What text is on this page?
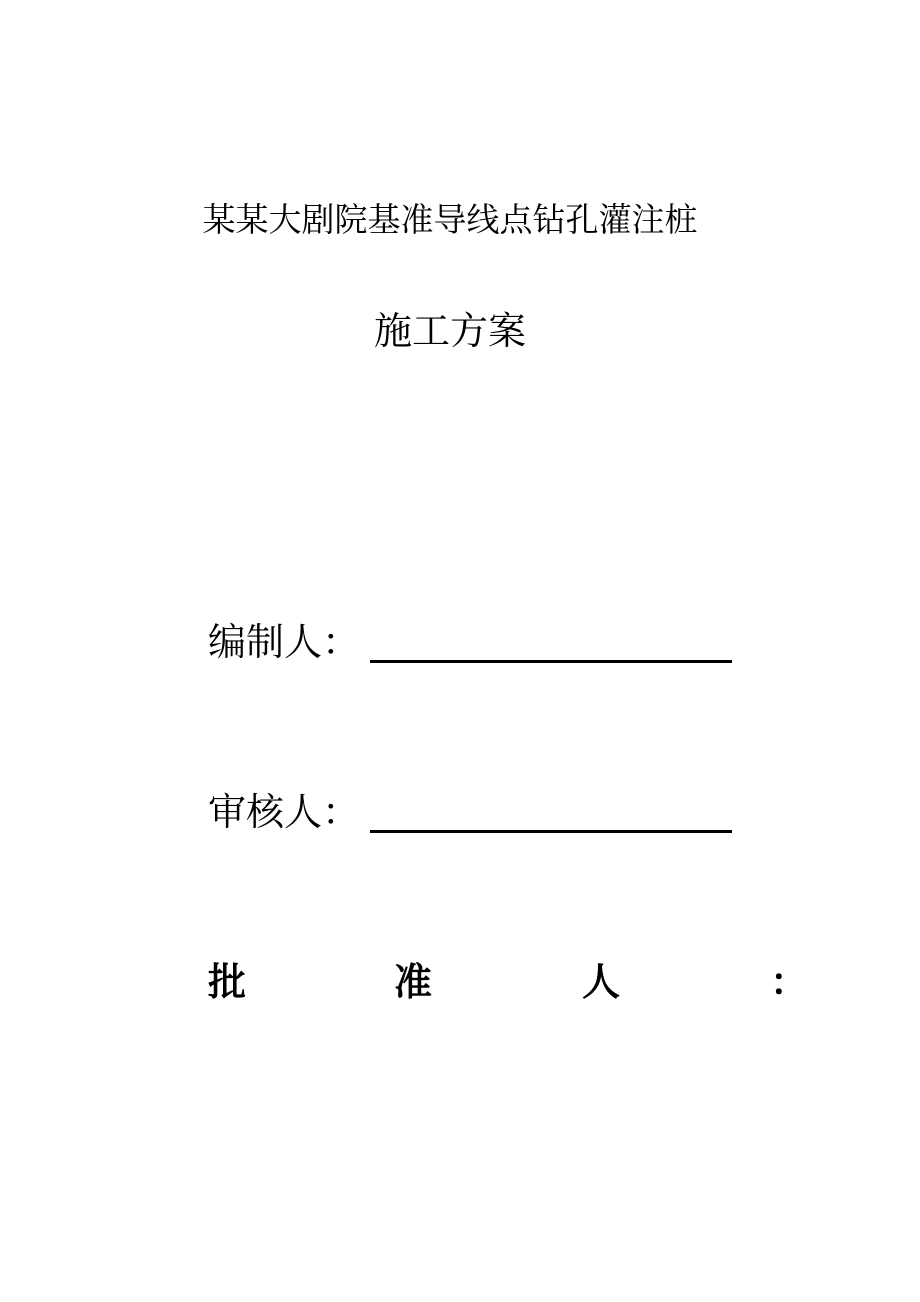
某某大剧院基准导线点钻孔灌注桩
施工方案
编制人：
审核人：
批	准	人	：
